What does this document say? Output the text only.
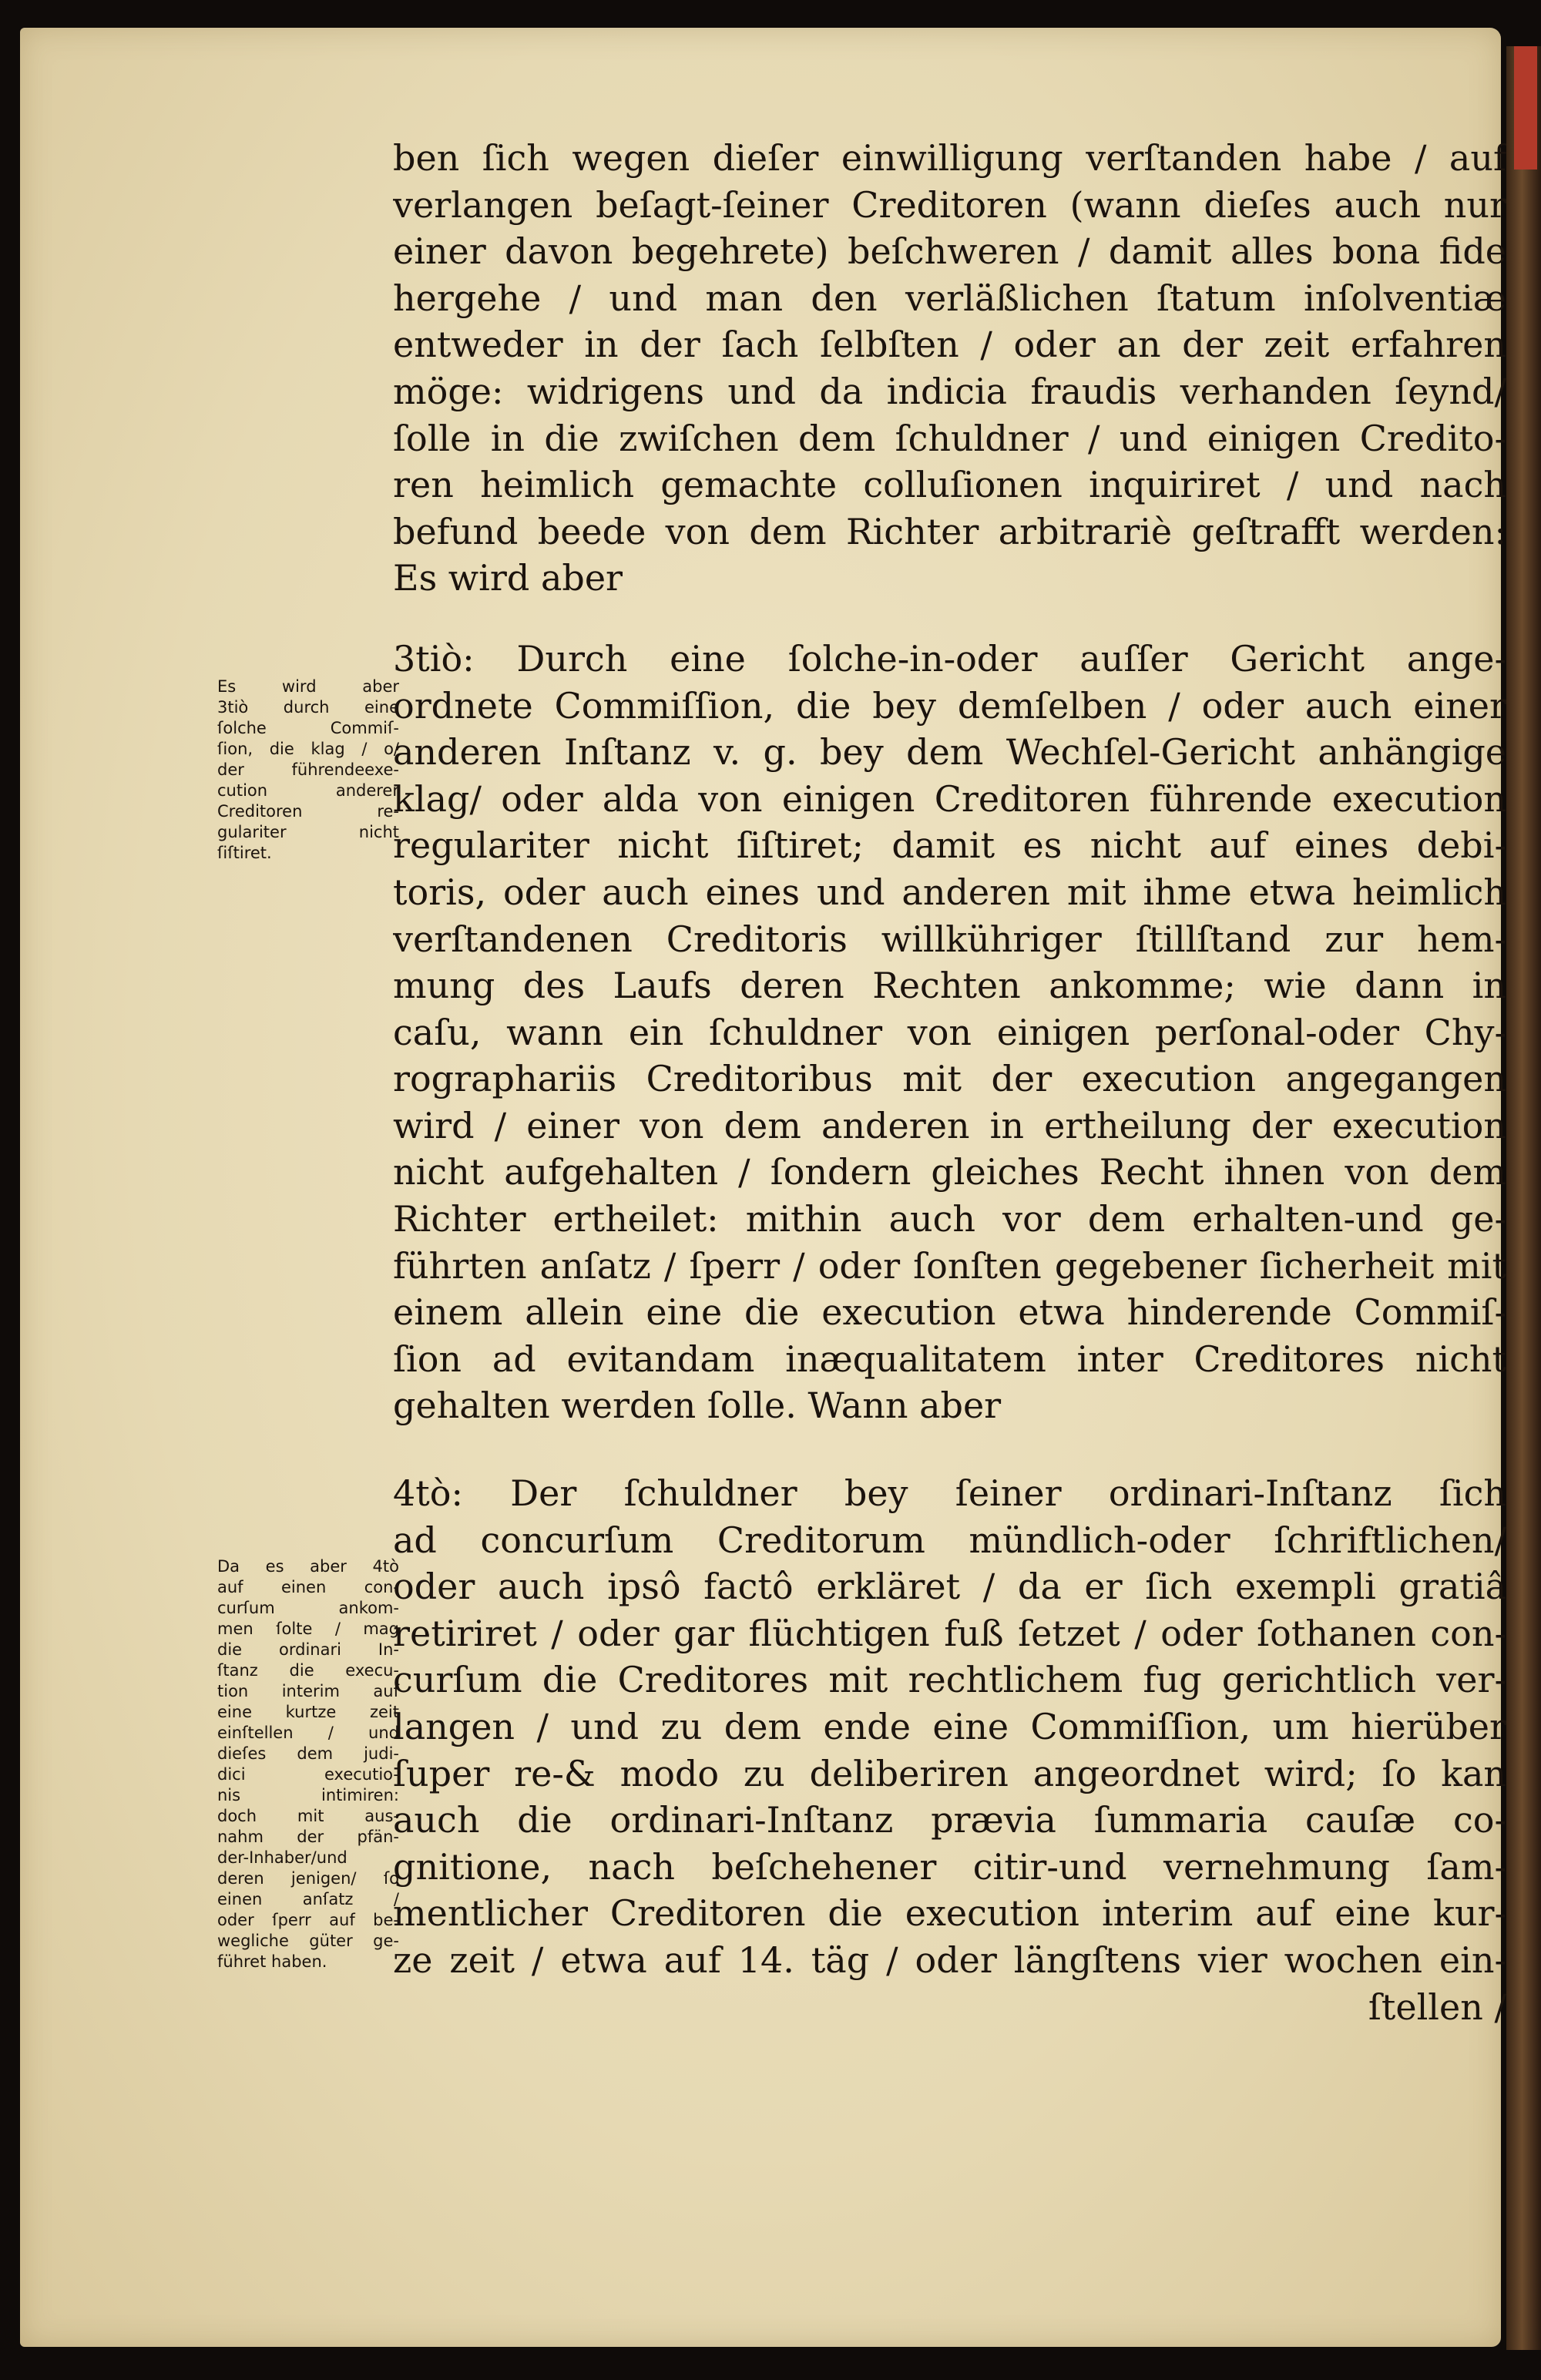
Es wird aber
3tiò durch eine
ſolche Commiſ-
ſion, die klag / o/
der führendeexe-
cution anderer
Creditoren re-
gulariter nicht
ſiſtiret.
Da es aber 4tò
auf einen con-
curſum ankom-
men ſolte / mag
die ordinari In-
ſtanz die execu-
tion interim auf
eine kurtze zeit
einſtellen / und
dieſes dem judi-
dici executio-
nis intimiren:
doch mit aus-
nahm der pfän-
der-Inhaber/und
deren jenigen/ ſo
einen anſatz /
oder ſperr auf be-
wegliche güter ge-
führet haben.
ben ſich wegen dieſer einwilligung verſtanden habe / auf
verlangen beſagt-ſeiner Creditoren (wann dieſes auch nur
einer davon begehrete) beſchweren / damit alles bona fide
hergehe / und man den verläßlichen ſtatum inſolventiæ
entweder in der ſach ſelbſten / oder an der zeit erfahren
möge: widrigens und da indicia fraudis verhanden ſeynd/
ſolle in die zwiſchen dem ſchuldner / und einigen Credito-
ren heimlich gemachte colluſionen inquiriret / und nach
befund beede von dem Richter arbitrariè geſtrafft werden:
Es wird aber
3tiò: Durch eine ſolche-in-oder auſſer Gericht ange-
ordnete Commiſſion, die bey demſelben / oder auch einer
anderen Inſtanz v. g. bey dem Wechſel-Gericht anhängige
klag/ oder alda von einigen Creditoren führende execution
regulariter nicht ſiſtiret; damit es nicht auf eines debi-
toris, oder auch eines und anderen mit ihme etwa heimlich
verſtandenen Creditoris willkühriger ſtillſtand zur hem-
mung des Laufs deren Rechten ankomme; wie dann in
caſu, wann ein ſchuldner von einigen perſonal-oder Chy-
rographariis Creditoribus mit der execution angegangen
wird / einer von dem anderen in ertheilung der execution
nicht aufgehalten / ſondern gleiches Recht ihnen von dem
Richter ertheilet: mithin auch vor dem erhalten-und ge-
führten anſatz / ſperr / oder ſonſten gegebener ſicherheit mit
einem allein eine die execution etwa hinderende Commiſ-
ſion ad evitandam inæqualitatem inter Creditores nicht
gehalten werden ſolle. Wann aber
4tò: Der ſchuldner bey ſeiner ordinari-Inſtanz ſich
ad concurſum Creditorum mündlich-oder ſchriftlichen/
oder auch ipsô factô erkläret / da er ſich exempli gratiâ
retiriret / oder gar flüchtigen fuß ſetzet / oder ſothanen con-
curſum die Creditores mit rechtlichem fug gerichtlich ver-
langen / und zu dem ende eine Commiſſion, um hierüber
ſuper re-& modo zu deliberiren angeordnet wird; ſo kan
auch die ordinari-Inſtanz prævia ſummaria cauſæ co-
gnitione, nach beſchehener citir-und vernehmung ſam-
mentlicher Creditoren die execution interim auf eine kur-
ze zeit / etwa auf 14. täg / oder längſtens vier wochen ein-
ſtellen /
